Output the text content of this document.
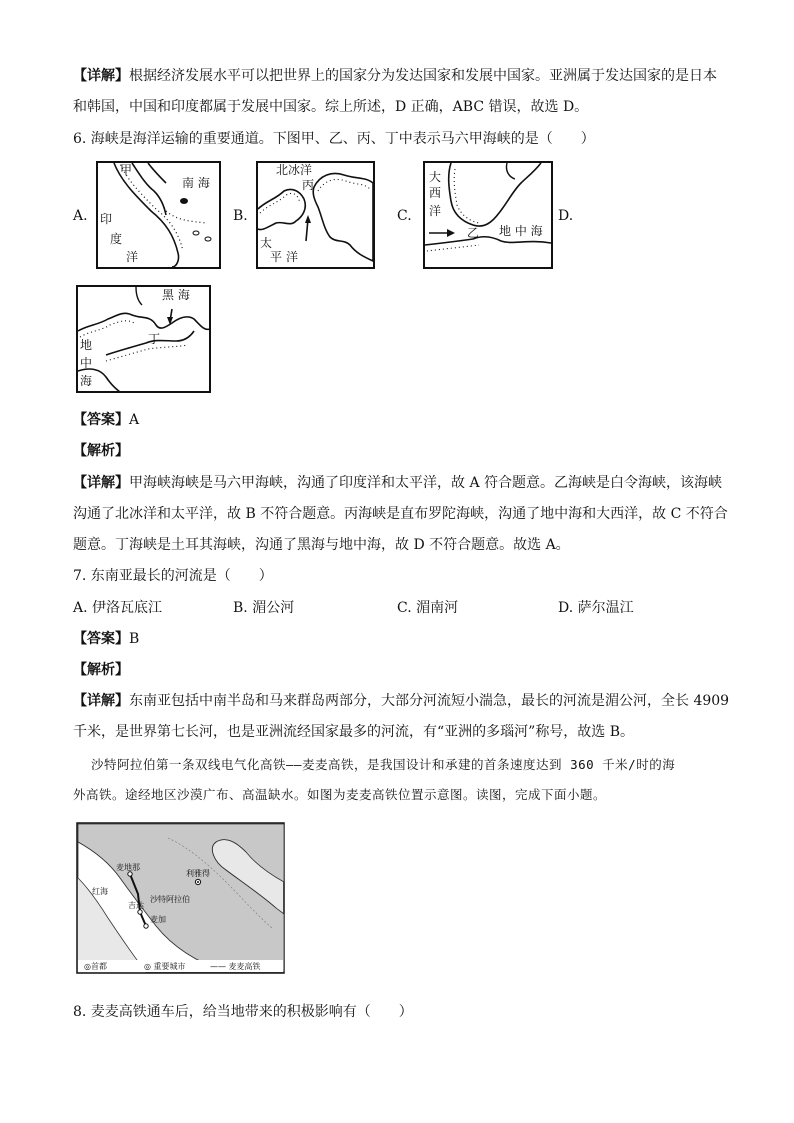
【详解】根据经济发展水平可以把世界上的国家分为发达国家和发展中国家。亚洲属于发达国家的是日本
和韩国，中国和印度都属于发展中国家。综上所述，D 正确，ABC 错误，故选 D。
6. 海峡是海洋运输的重要通道。下图甲、乙、丙、丁中表示马六甲海峡的是（　　）
A.	B.	C.	D.
甲
南 海
印
度
洋
北冰洋
丙
太
平 洋
大
西
洋
乙 地 中 海
黑 海
丁
地
中
海
【答案】A
【解析】
【详解】甲海峡海峡是马六甲海峡，沟通了印度洋和太平洋，故 A 符合题意。乙海峡是白令海峡，该海峡
沟通了北冰洋和太平洋，故 B 不符合题意。丙海峡是直布罗陀海峡，沟通了地中海和大西洋，故 C 不符合
题意。丁海峡是土耳其海峡，沟通了黑海与地中海，故 D 不符合题意。故选 A。
7. 东南亚最长的河流是（　　）
A. 伊洛瓦底江	B. 湄公河	C. 湄南河	D. 萨尔温江
【答案】B
【解析】
【详解】东南亚包括中南半岛和马来群岛两部分，大部分河流短小湍急，最长的河流是湄公河，全长 4909
千米，是世界第七长河，也是亚洲流经国家最多的河流，有“亚洲的多瑙河”称号，故选 B。
沙特阿拉伯第一条双线电气化高铁——麦麦高铁，是我国设计和承建的首条速度达到 360 千米/时的海
外高铁。途经地区沙漠广布、高温缺水。如图为麦麦高铁位置示意图。读图，完成下面小题。
麦地那
利雅得
沙特阿拉伯
吉达
麦加
红海
◎首都	◎ 重要城市	—— 麦麦高铁
8. 麦麦高铁通车后，给当地带来的积极影响有（　　）
